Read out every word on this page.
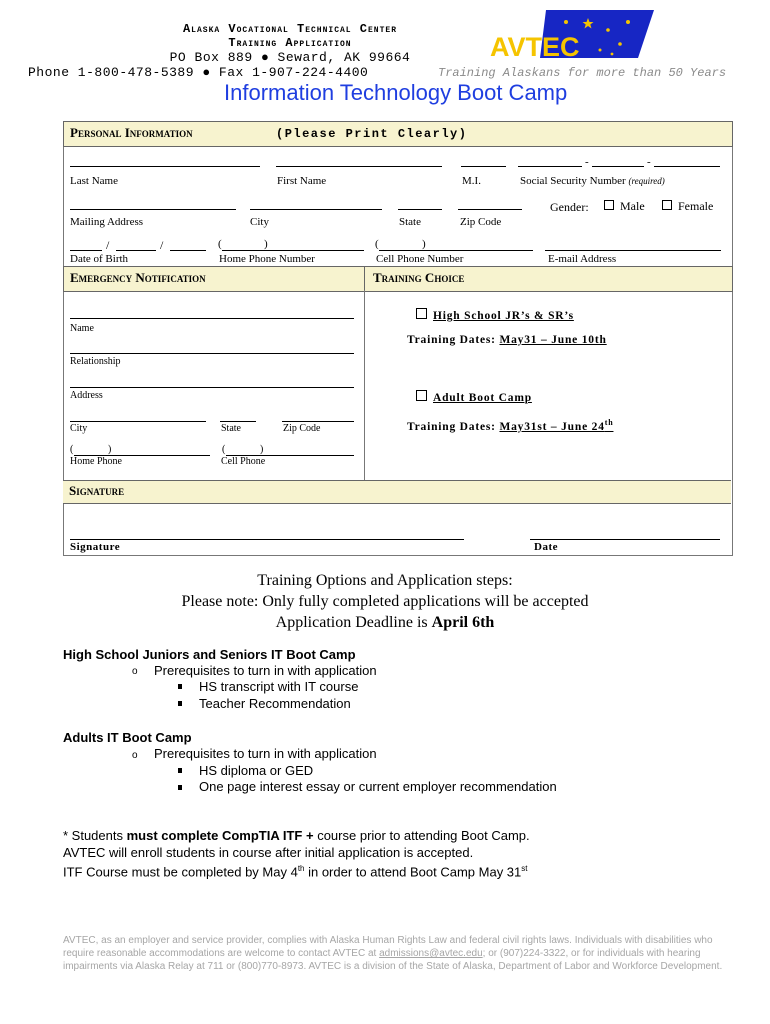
Alaska Vocational Technical Center
Training Application
PO Box 889 ● Seward, AK 99664
Phone 1-800-478-5389 ● Fax 1-907-224-4400	Training Alaskans for more than 50 Years
AVTEC
Information Technology Boot Camp
Personal Information	(Please Print Clearly)
-	-
Last Name	First Name	M.I.	Social Security Number (required)
Gender:	Male	Female
Mailing Address	City	State	Zip Code
/	/	(	)	(	)
Date of Birth	Home Phone Number	Cell Phone Number	E-mail Address
Emergency Notification	Training Choice
Name
Relationship
Address
City	State	Zip Code
(	)	(	)
Home Phone	Cell Phone
High School JR’s & SR’s
Training Dates: May31 – June 10th
Adult Boot Camp
Training Dates: May31st – June 24th
Signature
Signature	Date
Training Options and Application steps:
Please note: Only fully completed applications will be accepted
Application Deadline is April 6th
High School Juniors and Seniors IT Boot Camp
o Prerequisites to turn in with application
HS transcript with IT course
Teacher Recommendation
Adults IT Boot Camp
o Prerequisites to turn in with application
HS diploma or GED
One page interest essay or current employer recommendation
* Students must complete CompTIA ITF + course prior to attending Boot Camp.
AVTEC will enroll students in course after initial application is accepted.
ITF Course must be completed by May 4th in order to attend Boot Camp May 31st
AVTEC, as an employer and service provider, complies with Alaska Human Rights Law and federal civil rights laws. Individuals with disabilities who require reasonable accommodations are welcome to contact AVTEC at admissions@avtec.edu; or (907)224-3322, or for individuals with hearing impairments via Alaska Relay at 711 or (800)770-8973. AVTEC is a division of the State of Alaska, Department of Labor and Workforce Development.
